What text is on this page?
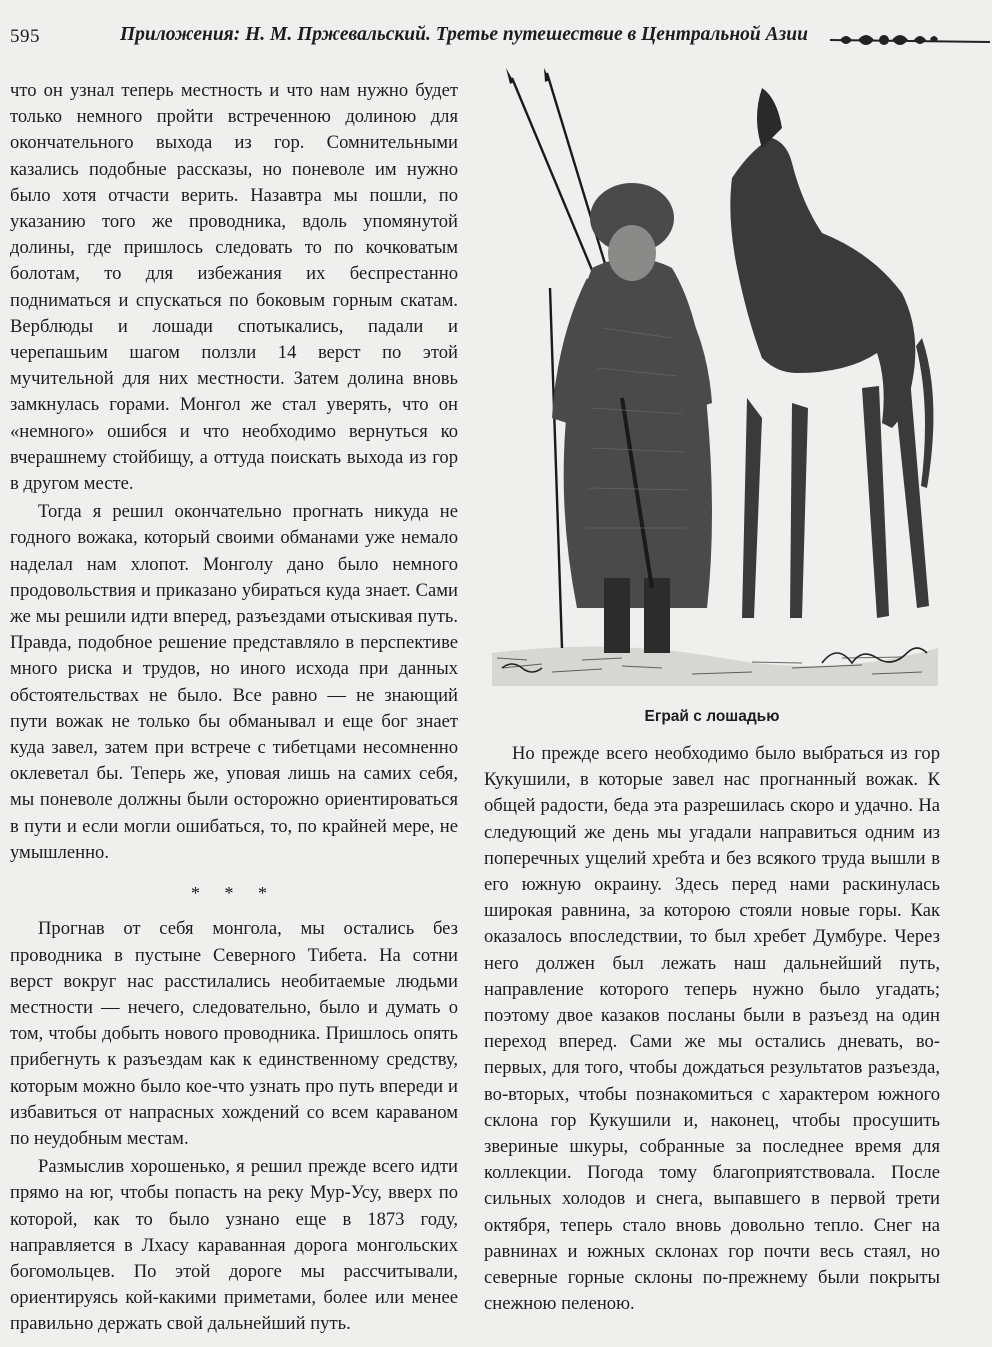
595	Приложения: Н. М. Пржевальский. Третье путешествие в Центральной Азии

что он узнал теперь местность и что нам нужно будет только немного пройти встреченною долиною для окончательного выхода из гор. Сомнительными казались подобные рассказы, но поневоле им нужно было хотя отчасти верить. Назавтра мы пошли, по указанию того же проводника, вдоль упомянутой долины, где пришлось следовать то по кочковатым болотам, то для избежания их беспрестанно подниматься и спускаться по боковым горным скатам. Верблюды и лошади спотыкались, падали и черепашьим шагом ползли 14 верст по этой мучительной для них местности. Затем долина вновь замкнулась горами. Монгол же стал уверять, что он «немного» ошибся и что необходимо вернуться ко вчерашнему стойбищу, а оттуда поискать выхода из гор в другом месте.

Тогда я решил окончательно прогнать никуда не годного вожака, который своими обманами уже немало наделал нам хлопот. Монголу дано было немного продовольствия и приказано убираться куда знает. Сами же мы решили идти вперед, разъездами отыскивая путь. Правда, подобное решение представляло в перспективе много риска и трудов, но иного исхода при данных обстоятельствах не было. Все равно — не знающий пути вожак не только бы обманывал и еще бог знает куда завел, затем при встрече с тибетцами несомненно оклеветал бы. Теперь же, уповая лишь на самих себя, мы поневоле должны были осторожно ориентироваться в пути и если могли ошибаться, то, по крайней мере, не умышленно.

* * *

Прогнав от себя монгола, мы остались без проводника в пустыне Северного Тибета. На сотни верст вокруг нас расстилались необитаемые людьми местности — нечего, следовательно, было и думать о том, чтобы добыть нового проводника. Пришлось опять прибегнуть к разъездам как к единственному средству, которым можно было кое-что узнать про путь впереди и избавиться от напрасных хождений со всем караваном по неудобным местам.

Размыслив хорошенько, я решил прежде всего идти прямо на юг, чтобы попасть на реку Мур-Усу, вверх по которой, как то было узнано еще в 1873 году, направляется в Лхасу караванная дорога монгольских богомольцев. По этой дороге мы рассчитывали, ориентируясь кой-какими приметами, более или менее правильно держать свой дальнейший путь.

Еграй с лошадью

Но прежде всего необходимо было выбраться из гор Кукушили, в которые завел нас прогнанный вожак. К общей радости, беда эта разрешилась скоро и удачно. На следующий же день мы угадали направиться одним из поперечных ущелий хребта и без всякого труда вышли в его южную окраину. Здесь перед нами раскинулась широкая равнина, за которою стояли новые горы. Как оказалось впоследствии, то был хребет Думбуре. Через него должен был лежать наш дальнейший путь, направление которого теперь нужно было угадать; поэтому двое казаков посланы были в разъезд на один переход вперед. Сами же мы остались дневать, во-первых, для того, чтобы дождаться результатов разъезда, во-вторых, чтобы познакомиться с характером южного склона гор Кукушили и, наконец, чтобы просушить звериные шкуры, собранные за последнее время для коллекции. Погода тому благоприятствовала. После сильных холодов и снега, выпавшего в первой трети октября, теперь стало вновь довольно тепло. Снег на равнинах и южных склонах гор почти весь стаял, но северные горные склоны по-прежнему были покрыты снежною пеленою.
